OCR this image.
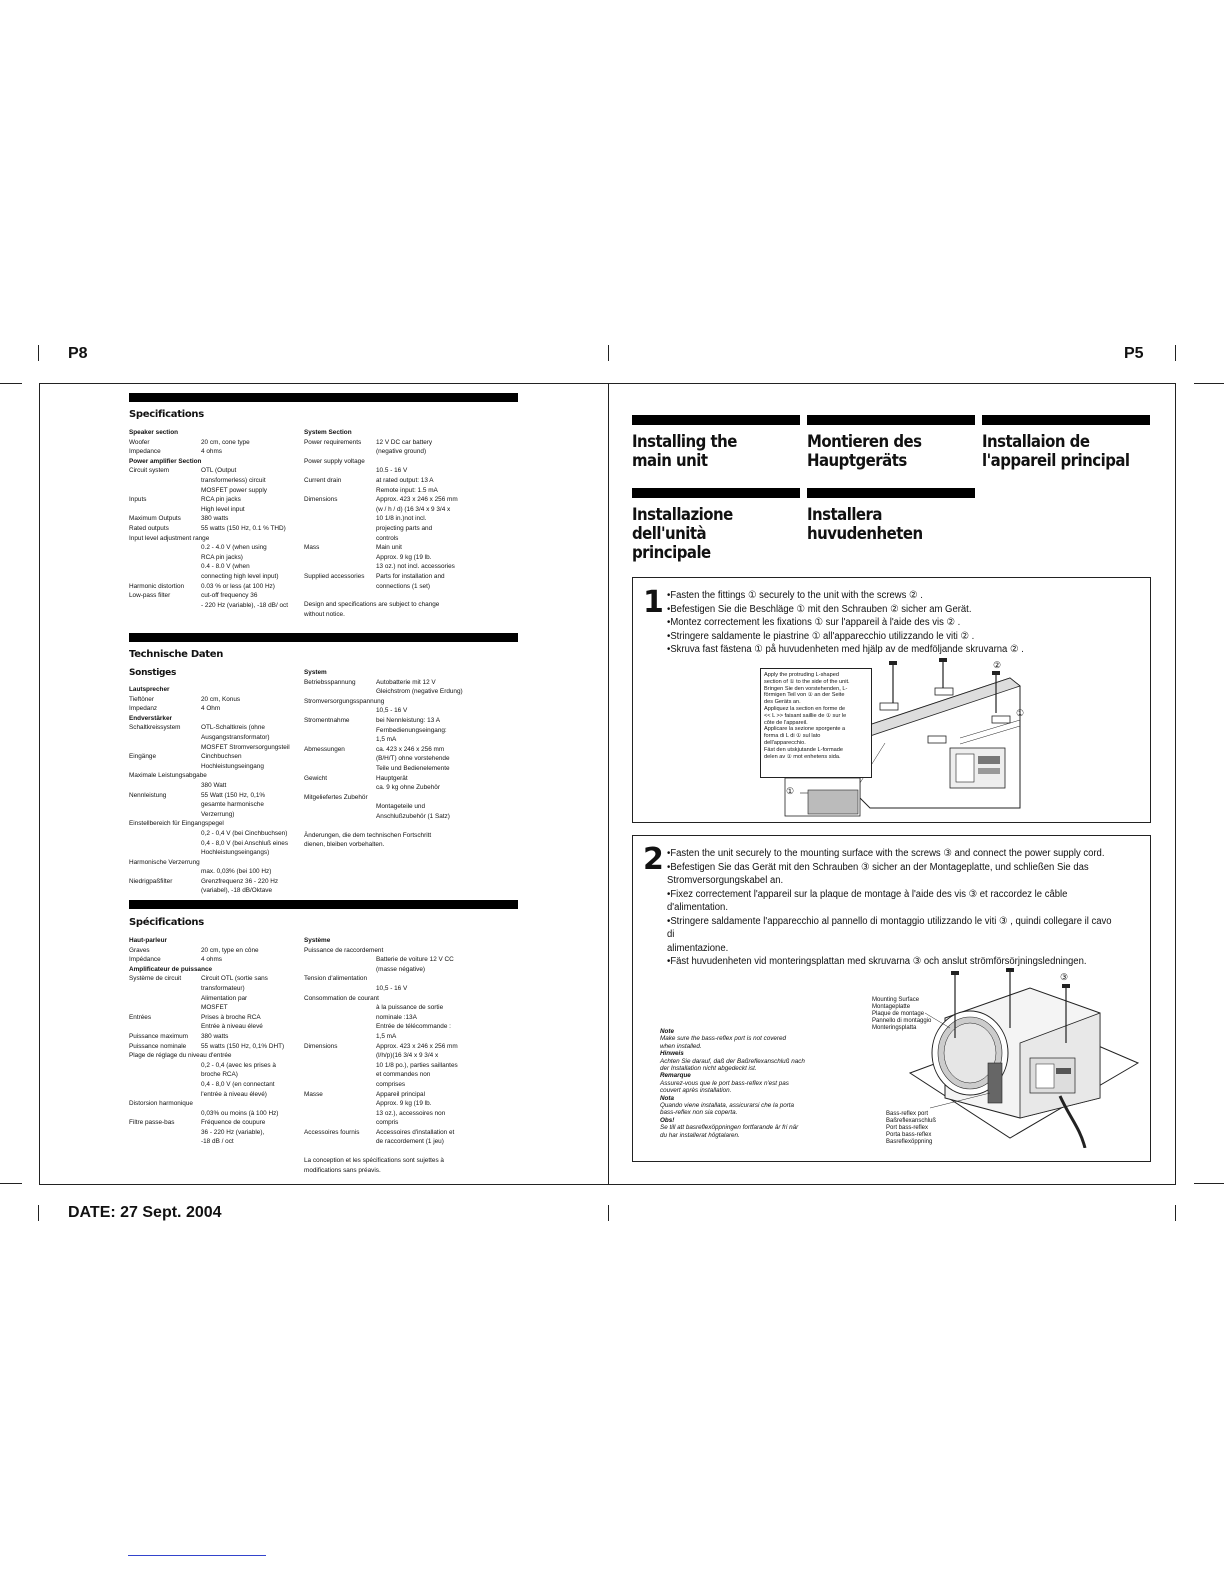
P8	P5
Specifications
Speaker section
Woofer	20 cm, cone type
Impedance	4 ohms
Power amplifier Section
Circuit system	OTL (Output
transformerless) circuit
MOSFET power supply
Inputs	RCA pin jacks
High level input
Maximum Outputs	380 watts
Rated outputs	55 watts (150 Hz, 0.1 % THD)
Input level adjustment range
0.2 - 4.0 V (when using
RCA pin jacks)
0.4 - 8.0 V (when
connecting high level input)
Harmonic distortion	0.03 % or less (at 100 Hz)
Low-pass filter	cut-off frequency 36
- 220 Hz (variable), -18 dB/ oct
System Section
Power requirements	12 V DC car battery
(negative ground)
Power supply voltage
10.5 - 16 V
Current drain	at rated output: 13 A
Remote input: 1.5 mA
Dimensions	Approx. 423 x 246 x 256 mm
(w / h / d) (16 3/4 x 9 3/4 x
10 1/8 in.)not incl.
projecting parts and
controls
Mass	Main unit
Approx. 9 kg (19 lb.
13 oz.) not incl. accessories
Supplied accessories	Parts for installation and
connections (1 set)
Design and specifications are subject to change
without notice.
Technische Daten
Sonstiges
Lautsprecher
Tieftöner	20 cm, Konus
Impedanz	4 Ohm
Endverstärker
Schaltkreissystem	OTL-Schaltkreis (ohne
Ausgangstransformator)
MOSFET Stromversorgungsteil
Eingänge	Cinchbuchsen
Hochleistungseingang
Maximale Leistungsabgabe
380 Watt
Nennleistung	55 Watt (150 Hz, 0,1%
gesamte harmonische
Verzerrung)
Einstellbereich für Eingangspegel
0,2 - 0,4 V (bei Cinchbuchsen)
0,4 - 8,0 V (bei Anschluß eines
Hochleistungseingangs)
Harmonische Verzerrung
max. 0,03% (bei 100 Hz)
Niedrigpaßfilter	Grenzfrequenz 36 - 220 Hz
(variabel), -18 dB/Oktave
System
Betriebsspannung	Autobatterie mit 12 V
Gleichstrom (negative Erdung)
Stromversorgungsspannung
10,5 - 16 V
Stromentnahme	bei Nennleistung: 13 A
Fernbedienungseingang:
1,5 mA
Abmessungen	ca. 423 x 246 x 256 mm
(B/H/T) ohne vorstehende
Teile und Bedienelemente
Gewicht	Hauptgerät
ca. 9 kg ohne Zubehör
Mitgeliefertes Zubehör

Montageteile und
Anschlußzubehör (1 Satz)
Änderungen, die dem technischen Fortschritt
dienen, bleiben vorbehalten.
Spécifications
Haut-parleur
Graves	20 cm, type en cône
Impédance	4 ohms
Amplificateur de puissance
Système de circuit	Circuit OTL (sortie sans
transformateur)
Alimentation par
MOSFET
Entrées	Prises à broche RCA
Entrée à niveau élevé
Puissance maximum	380 watts
Puissance nominale	55 watts (150 Hz, 0,1% DHT)
Plage de réglage du niveau d'entrée
0,2 - 0,4 (avec les prises à
broche RCA)
0,4 - 8,0 V (en connectant
l'entrée à niveau élevé)
Distorsion harmonique
0,03% ou moins (à 100 Hz)
Filtre passe-bas	Fréquence de coupure
36 - 220 Hz (variable),
-18 dB / oct
Système
Puissance de raccordement
Batterie de voiture 12 V CC
(masse négative)
Tension d'alimentation
10,5 - 16 V
Consommation de courant
à la puissance de sortie
nominale :13A
Entrée de télécommande :
1,5 mA
Dimensions	Approx. 423 x 246 x 256 mm
(l/h/p)(16 3/4 x 9 3/4 x
10 1/8 po.), parties saillantes
et commandes non
comprises
Masse	Appareil principal
Approx. 9 kg (19 lb.
13 oz.), accessoires non
compris
Accessoires fournis	Accessoires d'installation et
de raccordement (1 jeu)
La conception et les spécifications sont sujettes à
modifications sans préavis.
Installing the
main unit
Montieren des
Hauptgeräts
Installaion de
l'appareil principal
Installazione
dell'unità
principale
Installera
huvudenheten
1 •Fasten the fittings ① securely to the unit with the screws ② .
•Befestigen Sie die Beschläge ① mit den Schrauben ② sicher am Gerät.
•Montez correctement les fixations ① sur l'appareil à l'aide des vis ② .
•Stringere saldamente le piastrine ① all'apparecchio utilizzando le viti ② .
•Skruva fast fästena ① på huvudenheten med hjälp av de medföljande skruvarna ② .
②
①
①
Apply the protruding L-shaped
section of ① to the side of the unit.
Bringen Sie den vorstehenden, L-
förmigen Teil von ① an der Seite
des Geräts an.
Appliquez la section en forme de
<< L >> faisant saillie de ① sur le
côte de l'appareil.
Applicare la sezione sporgente a
forma di L di ① sul lato
dell'apparecchio.
Fäst den utskjutande L-formade
delen av ① mot enhetens sida.
2 •Fasten the unit securely to the mounting surface with the screws ③ and connect the power supply cord.
•Befestigen Sie das Gerät mit den Schrauben ③ sicher an der Montageplatte, und schließen Sie das
Stromversorgungskabel an.
•Fixez correctement l'appareil sur la plaque de montage à l'aide des vis ③ et raccordez le câble
d'alimentation.
•Stringere saldamente l'apparecchio al pannello di montaggio utilizzando le viti ③ , quindi collegare il cavo di
alimentazione.
•Fäst huvudenheten vid monteringsplattan med skruvarna ③ och anslut strömförsörjningsledningen.
③
Mounting Surface
Montageplatte
Plaque de montage
Pannello di montaggio
Monteringsplatta
Bass-reflex port
Baßreflexanschluß
Port bass-reflex
Porta bass-reflex
Basreflexöppning
Note
Make sure the bass-reflex port is not covered
when installed.
Hinweis
Achten Sie darauf, daß der Baßreflexanschluß nach
der Installation nicht abgedeckt ist.
Remarque
Assurez-vous que le port bass-reflex n'est pas
couvert après installation.
Nota
Quando viene installata, assicurarsi che la porta
bass-reflex non sia coperta.
Obs!
Se till att basreflexöppningen fortfarande är fri när
du har installerat högtalaren.
DATE: 27 Sept. 2004
